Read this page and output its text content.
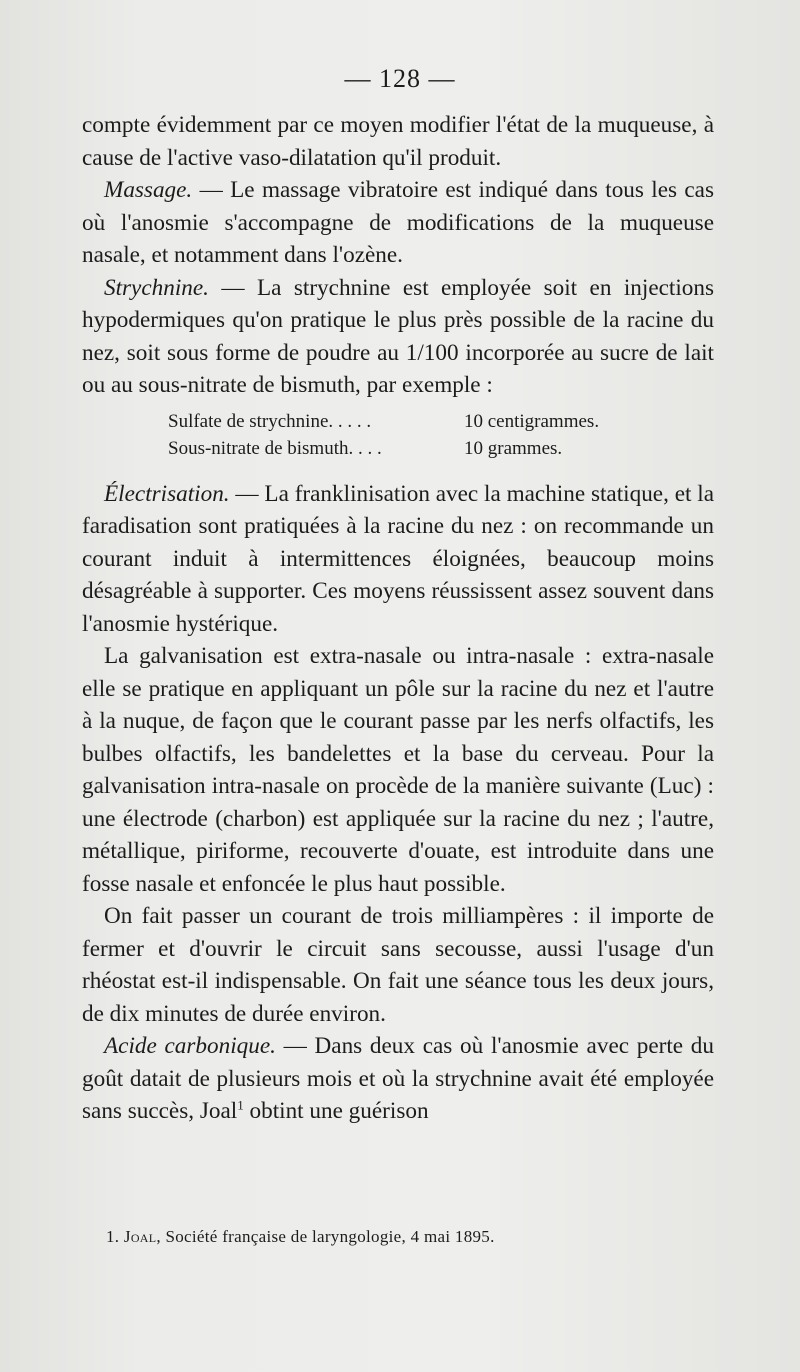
— 128 —

compte évidemment par ce moyen modifier l'état de la muqueuse, à cause de l'active vaso-dilatation qu'il produit.

Massage. — Le massage vibratoire est indiqué dans tous les cas où l'anosmie s'accompagne de modifications de la muqueuse nasale, et notamment dans l'ozène.

Strychnine. — La strychnine est employée soit en injections hypodermiques qu'on pratique le plus près possible de la racine du nez, soit sous forme de poudre au 1/100 incorporée au sucre de lait ou au sous-nitrate de bismuth, par exemple :

Sulfate de strychnine. . . . .	10 centigrammes.
Sous-nitrate de bismuth. . . .	10 grammes.

Électrisation. — La franklinisation avec la machine statique, et la faradisation sont pratiquées à la racine du nez : on recommande un courant induit à intermittences éloignées, beaucoup moins désagréable à supporter. Ces moyens réussissent assez souvent dans l'anosmie hystérique.

La galvanisation est extra-nasale ou intra-nasale : extra-nasale elle se pratique en appliquant un pôle sur la racine du nez et l'autre à la nuque, de façon que le courant passe par les nerfs olfactifs, les bulbes olfactifs, les bandelettes et la base du cerveau. Pour la galvanisation intra-nasale on procède de la manière suivante (Luc) : une électrode (charbon) est appliquée sur la racine du nez ; l'autre, métallique, piriforme, recouverte d'ouate, est introduite dans une fosse nasale et enfoncée le plus haut possible.

On fait passer un courant de trois milliampères : il importe de fermer et d'ouvrir le circuit sans secousse, aussi l'usage d'un rhéostat est-il indispensable. On fait une séance tous les deux jours, de dix minutes de durée environ.

Acide carbonique. — Dans deux cas où l'anosmie avec perte du goût datait de plusieurs mois et où la strychnine avait été employée sans succès, Joal$^1$ obtint une guérison

1. Joal, Société française de laryngologie, 4 mai 1895.
